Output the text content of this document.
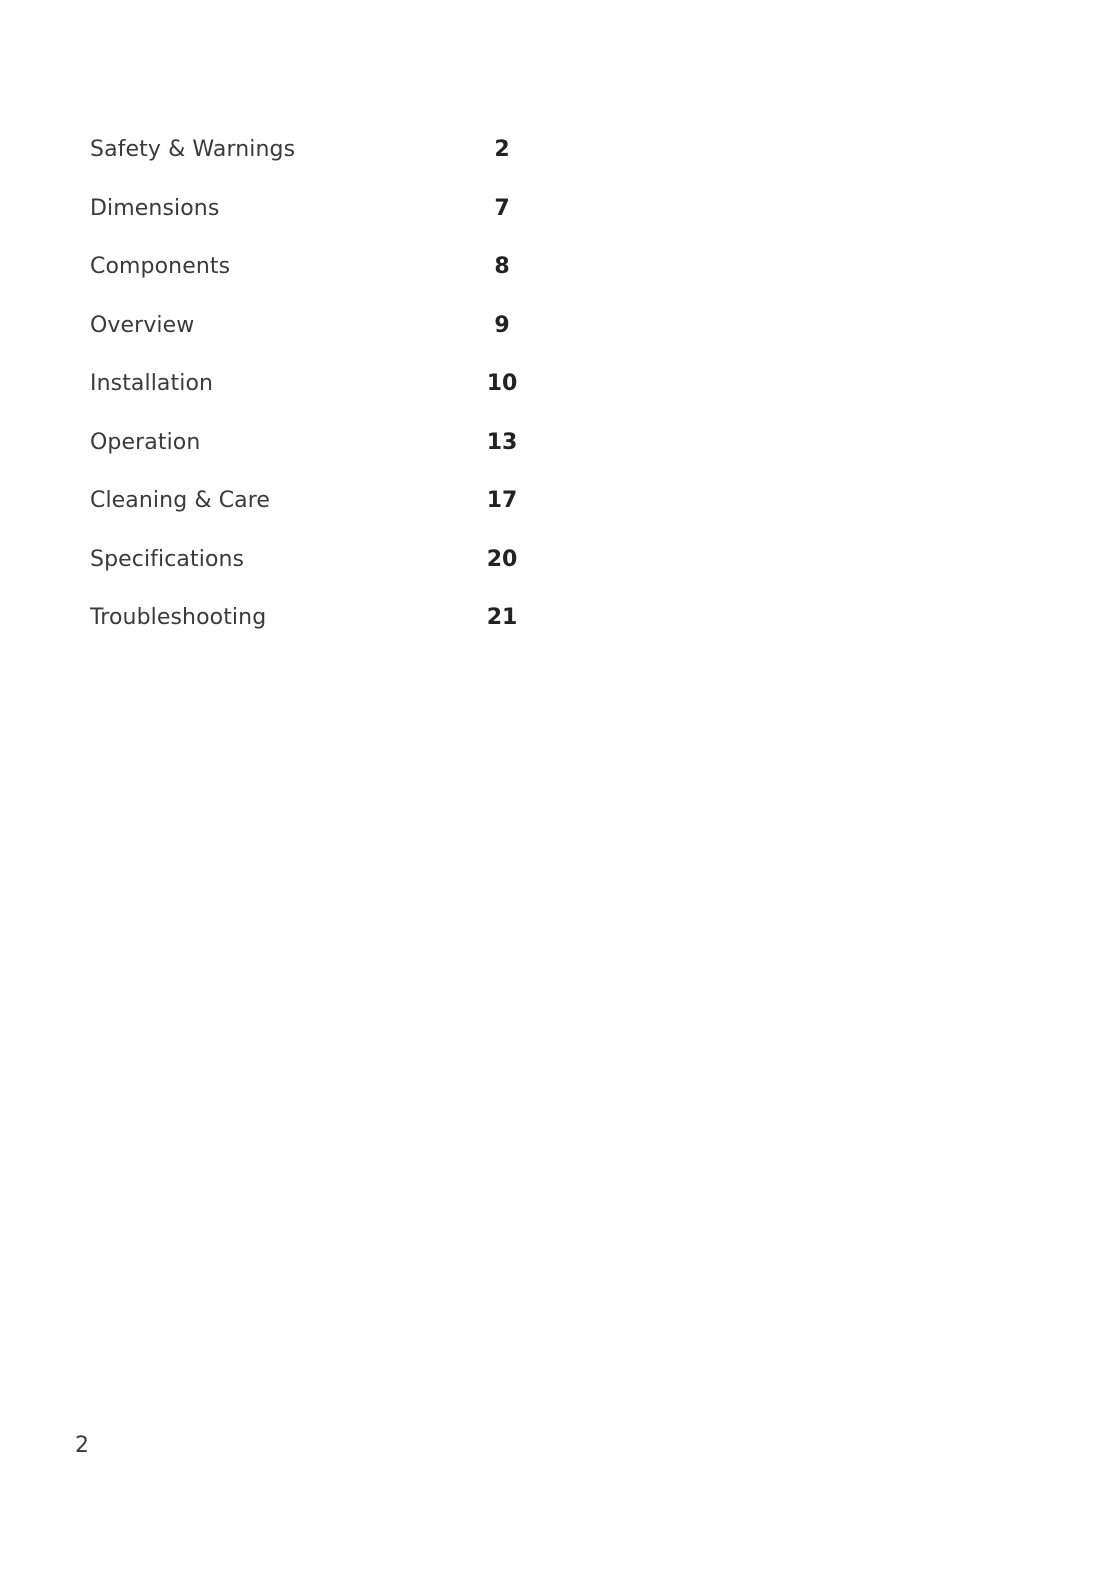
Safety & Warnings	2
Dimensions	7
Components	8
Overview	9
Installation	10
Operation	13
Cleaning & Care	17
Specifications	20
Troubleshooting	21
2
